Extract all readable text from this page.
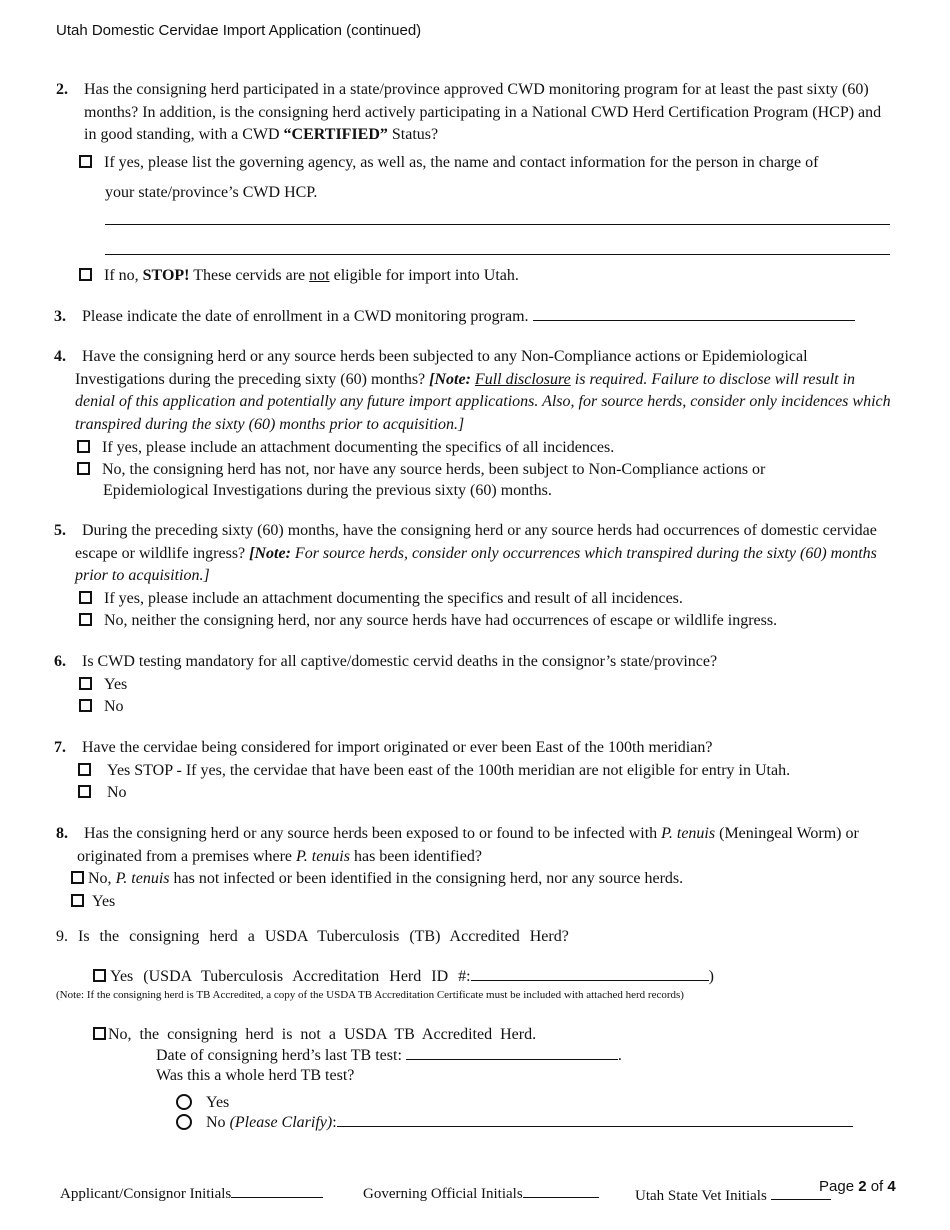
Utah Domestic Cervidae Import Application (continued)
2. Has the consigning herd participated in a state/province approved CWD monitoring program for at least the past sixty (60) months? In addition, is the consigning herd actively participating in a National CWD Herd Certification Program (HCP) and in good standing, with a CWD “CERTIFIED” Status?
If yes, please list the governing agency, as well as, the name and contact information for the person in charge of
your state/province’s CWD HCP.
If no, STOP! These cervids are not eligible for import into Utah.
3. Please indicate the date of enrollment in a CWD monitoring program.
4.	Have the consigning herd or any source herds been subjected to any Non-Compliance actions or Epidemiological Investigations during the preceding sixty (60) months? [Note: Full disclosure is required. Failure to disclose will result in denial of this application and potentially any future import applications. Also, for source herds, consider only incidences which transpired during the sixty (60) months prior to acquisition.]
If yes, please include an attachment documenting the specifics of all incidences.
No, the consigning herd has not, nor have any source herds, been subject to Non-Compliance actions or
Epidemiological Investigations during the previous sixty (60) months.
5.	During the preceding sixty (60) months, have the consigning herd or any source herds had occurrences of domestic cervidae escape or wildlife ingress? [Note: For source herds, consider only occurrences which transpired during the sixty (60) months prior to acquisition.]
If yes, please include an attachment documenting the specifics and result of all incidences.
No, neither the consigning herd, nor any source herds have had occurrences of escape or wildlife ingress.
6. Is CWD testing mandatory for all captive/domestic cervid deaths in the consignor’s state/province?
Yes
No
7. Have the cervidae being considered for import originated or ever been East of the 100th meridian?
Yes STOP - If yes, the cervidae that have been east of the 100th meridian are not eligible for entry in Utah.
No
8.	Has the consigning herd or any source herds been exposed to or found to be infected with P. tenuis (Meningeal Worm) or originated from a premises where P. tenuis has been identified?
No, P. tenuis has not infected or been identified in the consigning herd, nor any source herds.
Yes
9. Is the consigning herd a USDA Tuberculosis (TB) Accredited Herd?
Yes (USDA Tuberculosis Accreditation Herd ID #:	)
(Note: If the consigning herd is TB Accredited, a copy of the USDA TB Accreditation Certificate must be included with attached herd records)
No, the consigning herd is not a USDA TB Accredited Herd.
Date of consigning herd’s last TB test:	.
Was this a whole herd TB test?
Yes
No (Please Clarify):
Applicant/Consignor Initials	Governing Official Initials	Utah State Vet Initials
Page 2 of 4
